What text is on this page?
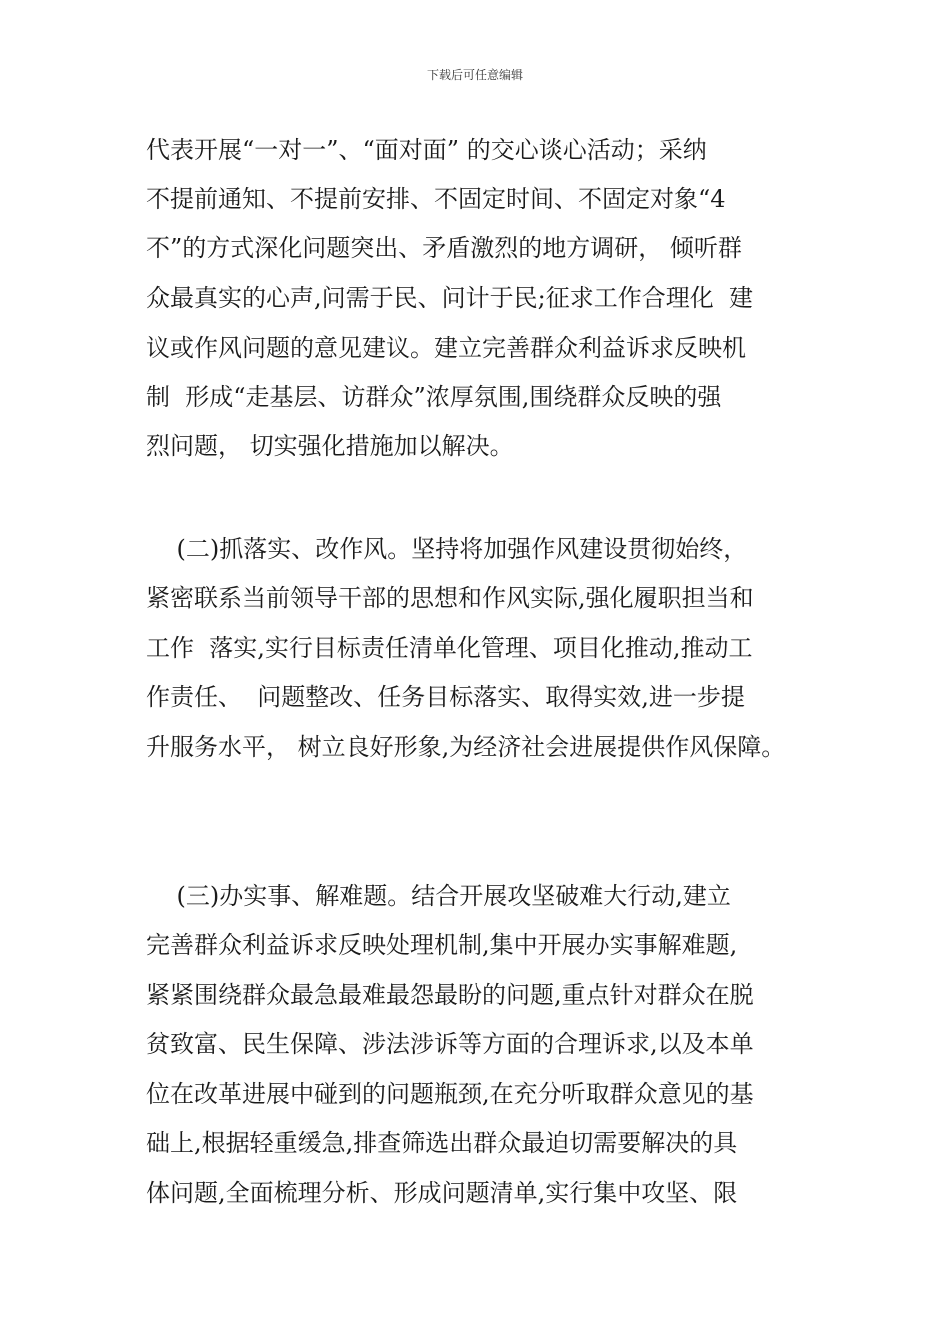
下载后可任意编辑
代表开展“一对一”、“面对面” 的交心谈心活动；采纳
不提前通知、不提前安排、不固定时间、不固定对象“4
不”的方式深化问题突出、矛盾激烈的地方调研， 倾听群
众最真实的心声,问需于民、问计于民;征求工作合理化  建
议或作风问题的意见建议。建立完善群众利益诉求反映机
制  形成“走基层、访群众”浓厚氛围,围绕群众反映的强
烈问题， 切实强化措施加以解决。
(二)抓落实、改作风。坚持将加强作风建设贯彻始终，
紧密联系当前领导干部的思想和作风实际,强化履职担当和
工作  落实,实行目标责任清单化管理、项目化推动,推动工
作责任、  问题整改、任务目标落实、取得实效,进一步提
升服务水平， 树立良好形象,为经济社会进展提供作风保障。
(三)办实事、解难题。结合开展攻坚破难大行动,建立
完善群众利益诉求反映处理机制,集中开展办实事解难题,
紧紧围绕群众最急最难最怨最盼的问题,重点针对群众在脱
贫致富、民生保障、涉法涉诉等方面的合理诉求,以及本单
位在改革进展中碰到的问题瓶颈,在充分听取群众意见的基
础上,根据轻重缓急,排查筛选出群众最迫切需要解决的具
体问题,全面梳理分析、形成问题清单,实行集中攻坚、限
